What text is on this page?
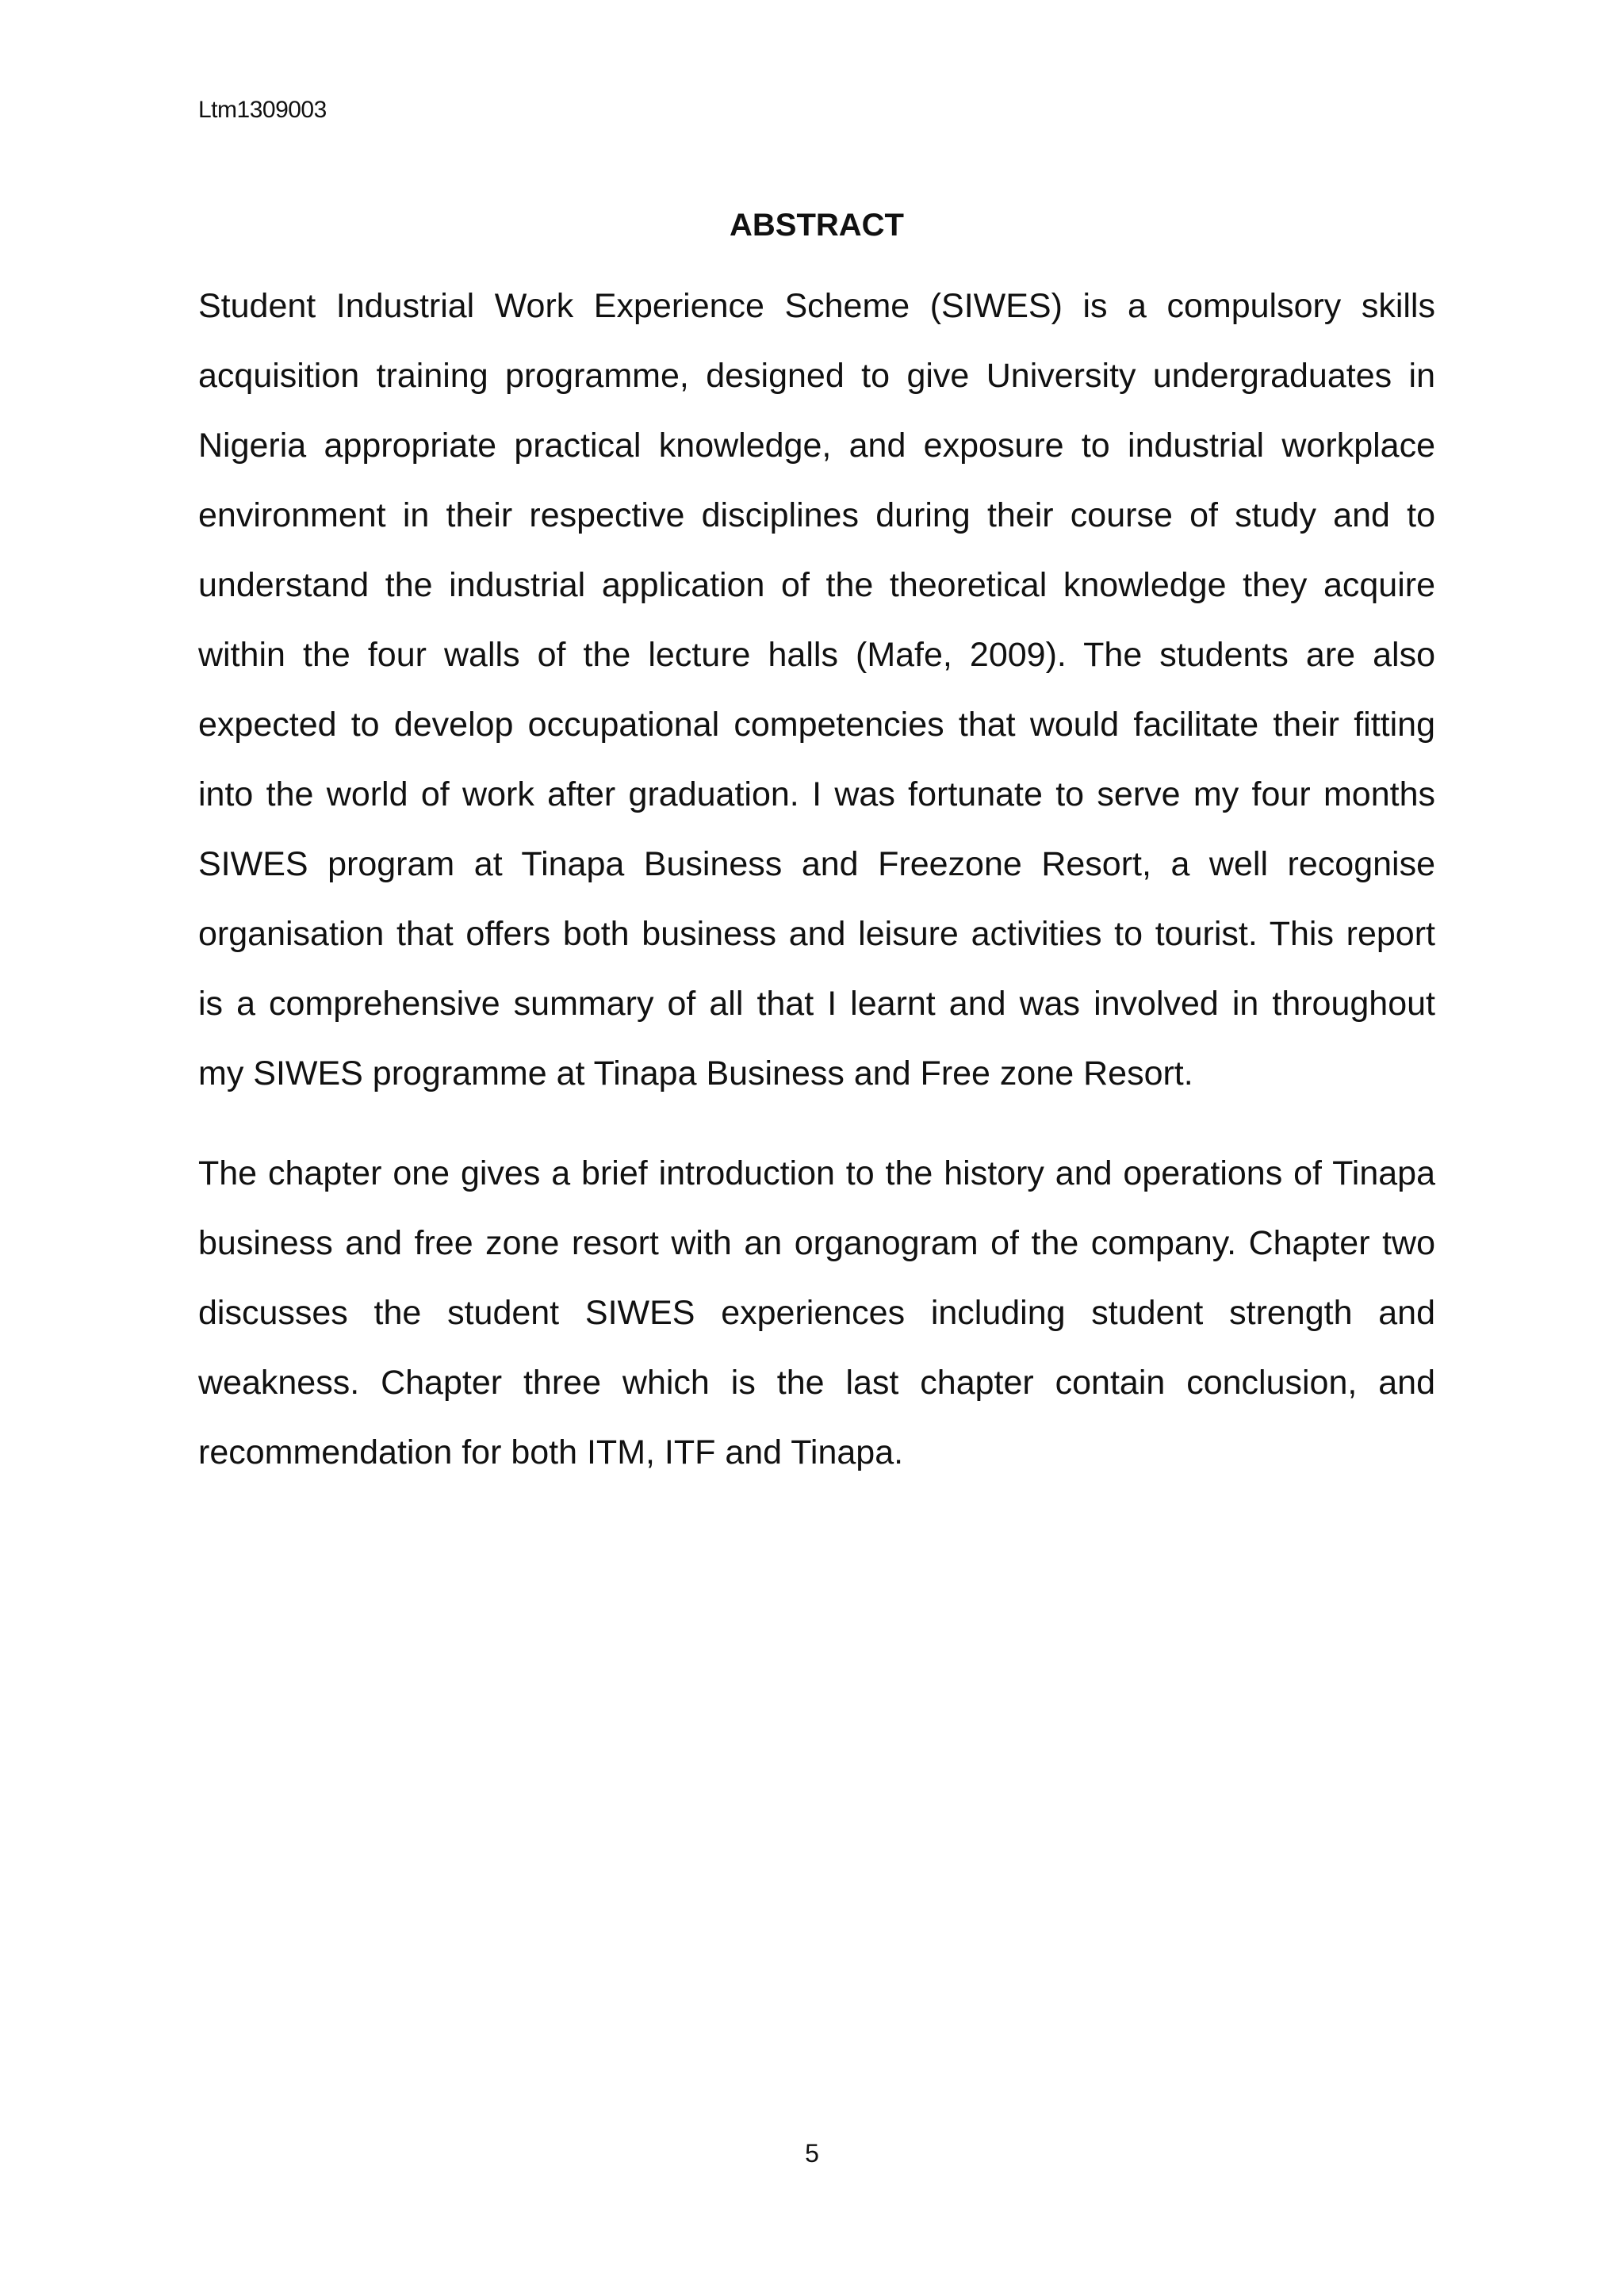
Ltm1309003
ABSTRACT

Student Industrial Work Experience Scheme (SIWES) is a compulsory skills acquisition training programme, designed to give University undergraduates in Nigeria appropriate practical knowledge, and exposure to industrial workplace environment in their respective disciplines during their course of study and to understand the industrial application of the theoretical knowledge they acquire within the four walls of the lecture halls (Mafe, 2009). The students are also expected to develop occupational competencies that would facilitate their fitting into the world of work after graduation. I was fortunate to serve my four months SIWES program at Tinapa Business and Freezone Resort, a well recognise organisation that offers both business and leisure activities to tourist. This report is a comprehensive summary of all that I learnt and was involved in throughout my SIWES programme at Tinapa Business and Free zone Resort.

The chapter one gives a brief introduction to the history and operations of Tinapa business and free zone resort with an organogram of the company. Chapter two discusses the student SIWES experiences including student strength and weakness. Chapter three which is the last chapter contain conclusion, and recommendation for both ITM, ITF and Tinapa.

5
